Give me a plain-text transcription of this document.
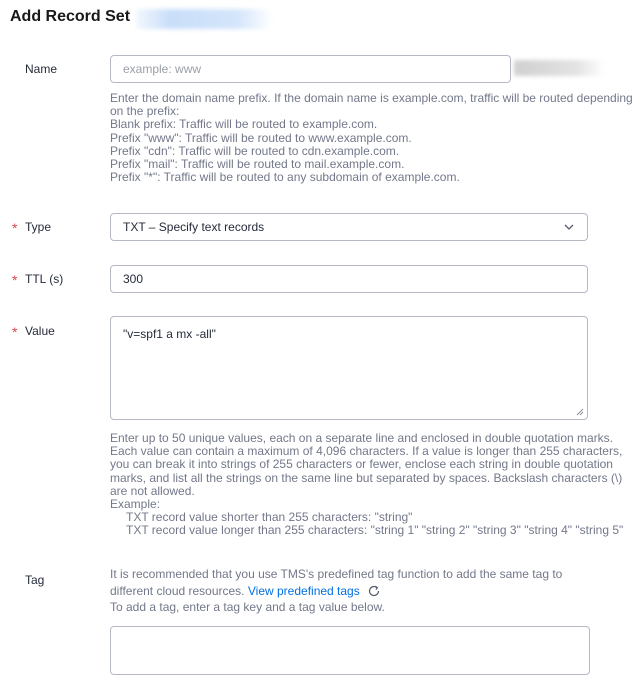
Add Record Set
Name	example: www
Enter the domain name prefix. If the domain name is example.com, traffic will be routed depending
on the prefix:
Blank prefix: Traffic will be routed to example.com.
Prefix "www": Traffic will be routed to www.example.com.
Prefix "cdn": Traffic will be routed to cdn.example.com.
Prefix "mail": Traffic will be routed to mail.example.com.
Prefix "*": Traffic will be routed to any subdomain of example.com.
* Type	TXT – Specify text records
* TTL (s)	300
* Value	"v=spf1 a mx -all"
Enter up to 50 unique values, each on a separate line and enclosed in double quotation marks.
Each value can contain a maximum of 4,096 characters. If a value is longer than 255 characters,
you can break it into strings of 255 characters or fewer, enclose each string in double quotation
marks, and list all the strings on the same line but separated by spaces. Backslash characters (\)
are not allowed.
Example:
TXT record value shorter than 255 characters: "string"
TXT record value longer than 255 characters: "string 1" "string 2" "string 3" "string 4" "string 5"
Tag	It is recommended that you use TMS's predefined tag function to add the same tag to
different cloud resources. View predefined tags
To add a tag, enter a tag key and a tag value below.
